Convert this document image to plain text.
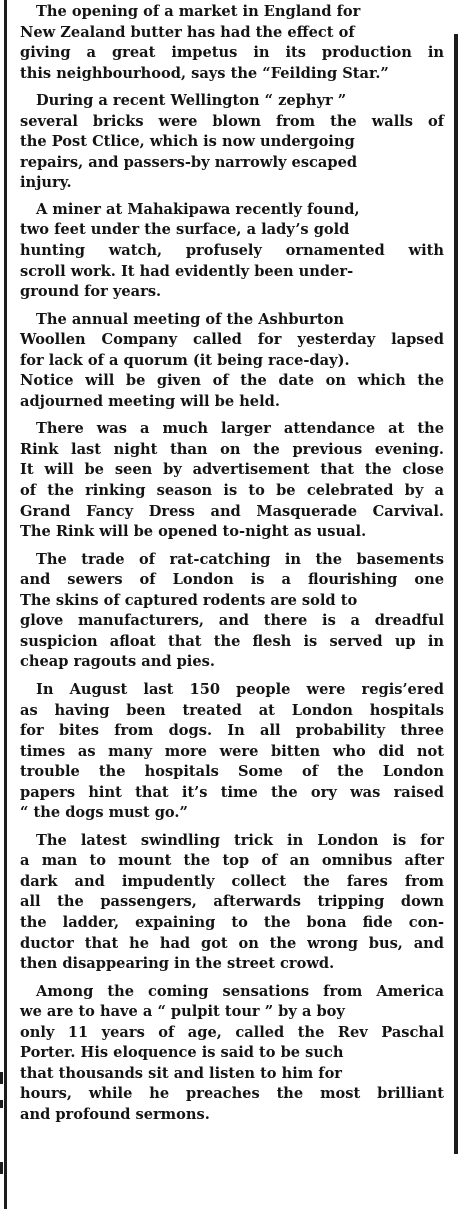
The opening of a market in England for
New Zealand butter has had the effect of
giving a great impetus in its production in
this neighbourhood, says the “Feilding Star.”

During a recent Wellington “ zephyr ”
several bricks were blown from the walls of
the Post Ctlice, which is now undergoing
repairs, and passers-by narrowly escaped
injury.

A miner at Mahakipawa recently found,
two feet under the surface, a lady’s gold
hunting watch, profusely ornamented with
scroll work. It had evidently been under-
ground for years.

The annual meeting of the Ashburton
Woollen Company called for yesterday lapsed
for lack of a quorum (it being race-day).
Notice will be given of the date on which the
adjourned meeting will be held.

There was a much larger attendance at the
Rink last night than on the previous evening.
It will be seen by advertisement that the close
of the rinking season is to be celebrated by a
Grand Fancy Dress and Masquerade Carvival.
The Rink will be opened to-night as usual.

The trade of rat-catching in the basements
and sewers of London is a flourishing one
The skins of captured rodents are sold to
glove manufacturers, and there is a dreadful
suspicion afloat that the flesh is served up in
cheap ragouts and pies.

In August last 150 people were regis’ered
as having been treated at London hospitals
for bites from dogs. In all probability three
times as many more were bitten who did not
trouble the hospitals Some of the London
papers hint that it’s time the ory was raised
“ the dogs must go.”

The latest swindling trick in London is for
a man to mount the top of an omnibus after
dark and impudently collect the fares from
all the passengers, afterwards tripping down
the ladder, expaining to the bona fide con-
ductor that he had got on the wrong bus, and
then disappearing in the street crowd.

Among the coming sensations from America
we are to have a “ pulpit tour ” by a boy
only 11 years of age, called the Rev Paschal
Porter. His eloquence is said to be such
that thousands sit and listen to him for
hours, while he preaches the most brilliant
and profound sermons.
